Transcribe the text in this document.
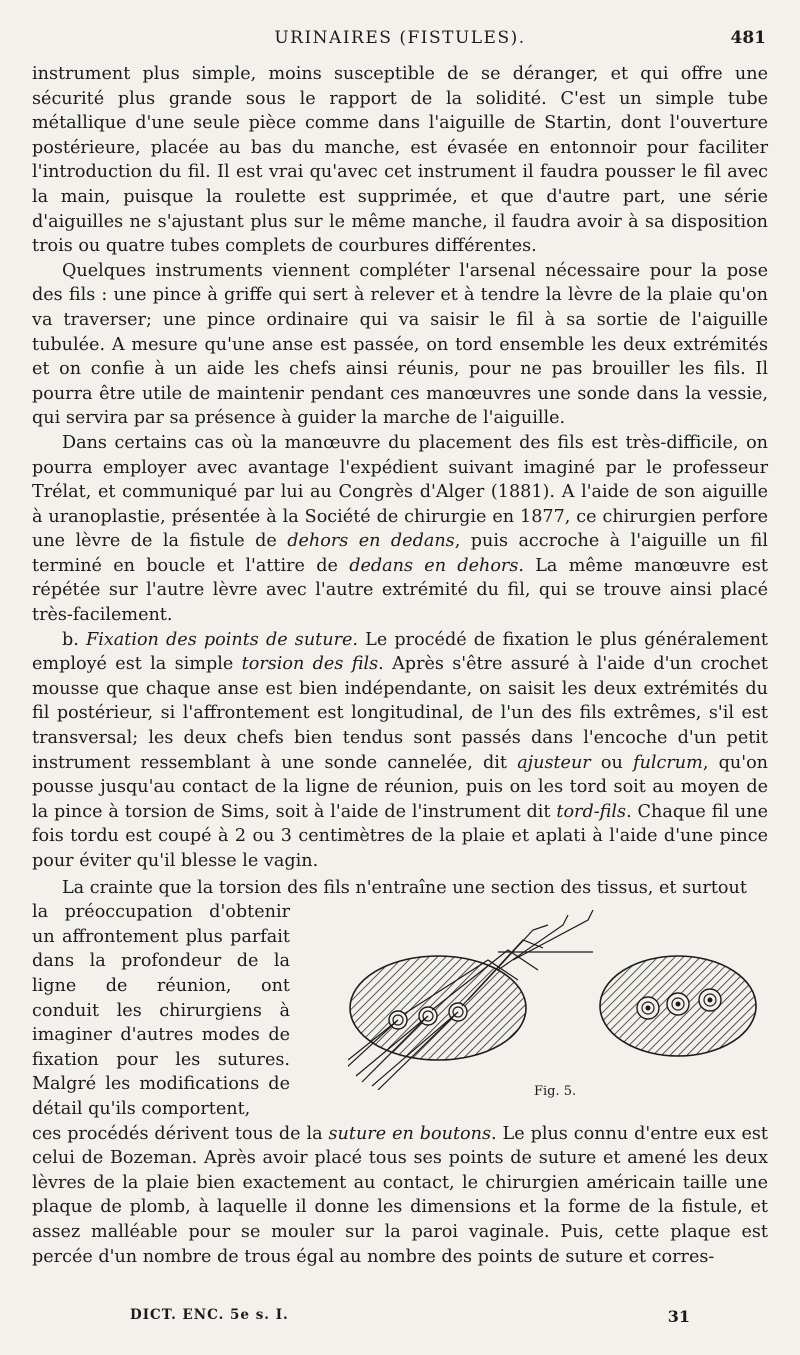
URINAIRES (FISTULES).	481

instrument plus simple, moins susceptible de se déranger, et qui offre une sécurité plus grande sous le rapport de la solidité. C'est un simple tube métallique d'une seule pièce comme dans l'aiguille de Startin, dont l'ouverture postérieure, placée au bas du manche, est évasée en entonnoir pour faciliter l'introduction du fil. Il est vrai qu'avec cet instrument il faudra pousser le fil avec la main, puisque la roulette est supprimée, et que d'autre part, une série d'aiguilles ne s'ajustant plus sur le même manche, il faudra avoir à sa disposition trois ou quatre tubes complets de courbures différentes.

Quelques instruments viennent compléter l'arsenal nécessaire pour la pose des fils : une pince à griffe qui sert à relever et à tendre la lèvre de la plaie qu'on va traverser; une pince ordinaire qui va saisir le fil à sa sortie de l'aiguille tubulée. A mesure qu'une anse est passée, on tord ensemble les deux extrémités et on confie à un aide les chefs ainsi réunis, pour ne pas brouiller les fils. Il pourra être utile de maintenir pendant ces manœuvres une sonde dans la vessie, qui servira par sa présence à guider la marche de l'aiguille.

Dans certains cas où la manœuvre du placement des fils est très-difficile, on pourra employer avec avantage l'expédient suivant imaginé par le professeur Trélat, et communiqué par lui au Congrès d'Alger (1881). A l'aide de son aiguille à uranoplastie, présentée à la Société de chirurgie en 1877, ce chirurgien perfore une lèvre de la fistule de dehors en dedans, puis accroche à l'aiguille un fil terminé en boucle et l'attire de dedans en dehors. La même manœuvre est répétée sur l'autre lèvre avec l'autre extrémité du fil, qui se trouve ainsi placé très-facilement.

b. Fixation des points de suture. Le procédé de fixation le plus généralement employé est la simple torsion des fils. Après s'être assuré à l'aide d'un crochet mousse que chaque anse est bien indépendante, on saisit les deux extrémités du fil postérieur, si l'affrontement est longitudinal, de l'un des fils extrêmes, s'il est transversal; les deux chefs bien tendus sont passés dans l'encoche d'un petit instrument ressemblant à une sonde cannelée, dit ajusteur ou fulcrum, qu'on pousse jusqu'au contact de la ligne de réunion, puis on les tord soit au moyen de la pince à torsion de Sims, soit à l'aide de l'instrument dit tord-fils. Chaque fil une fois tordu est coupé à 2 ou 3 centimètres de la plaie et aplati à l'aide d'une pince pour éviter qu'il blesse le vagin.

La crainte que la torsion des fils n'entraîne une section des tissus, et surtout

la préoccupation d'obtenir un affrontement plus parfait dans la profondeur de la ligne de réunion, ont conduit les chirurgiens à imaginer d'autres modes de fixation pour les sutures. Malgré les modifications de détail qu'ils comportent,
Fig. 5.

ces procédés dérivent tous de la suture en boutons. Le plus connu d'entre eux est celui de Bozeman. Après avoir placé tous ses points de suture et amené les deux lèvres de la plaie bien exactement au contact, le chirurgien américain taille une plaque de plomb, à laquelle il donne les dimensions et la forme de la fistule, et assez malléable pour se mouler sur la paroi vaginale. Puis, cette plaque est percée d'un nombre de trous égal au nombre des points de suture et corres-

DICT. ENC. 5e s. I.	31
